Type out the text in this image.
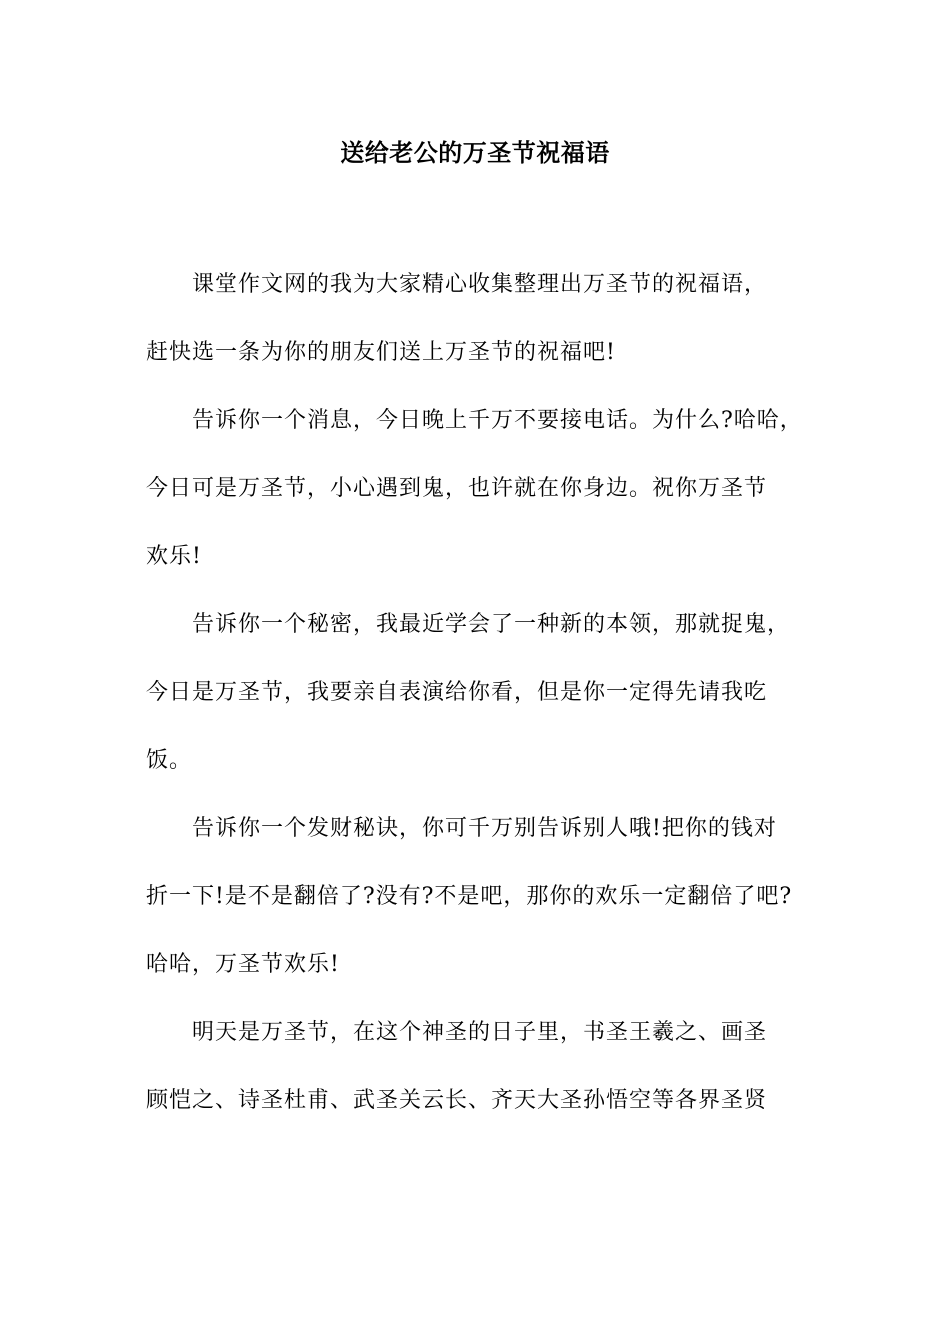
送给老公的万圣节祝福语
课堂作文网的我为大家精心收集整理出万圣节的祝福语，
赶快选一条为你的朋友们送上万圣节的祝福吧!
告诉你一个消息，今日晚上千万不要接电话。为什么?哈哈，
今日可是万圣节，小心遇到鬼，也许就在你身边。祝你万圣节
欢乐!
告诉你一个秘密，我最近学会了一种新的本领，那就捉鬼，
今日是万圣节，我要亲自表演给你看，但是你一定得先请我吃
饭。
告诉你一个发财秘诀，你可千万别告诉别人哦!把你的钱对
折一下!是不是翻倍了?没有?不是吧，那你的欢乐一定翻倍了吧?
哈哈，万圣节欢乐!
明天是万圣节，在这个神圣的日子里，书圣王羲之、画圣
顾恺之、诗圣杜甫、武圣关云长、齐天大圣孙悟空等各界圣贤
